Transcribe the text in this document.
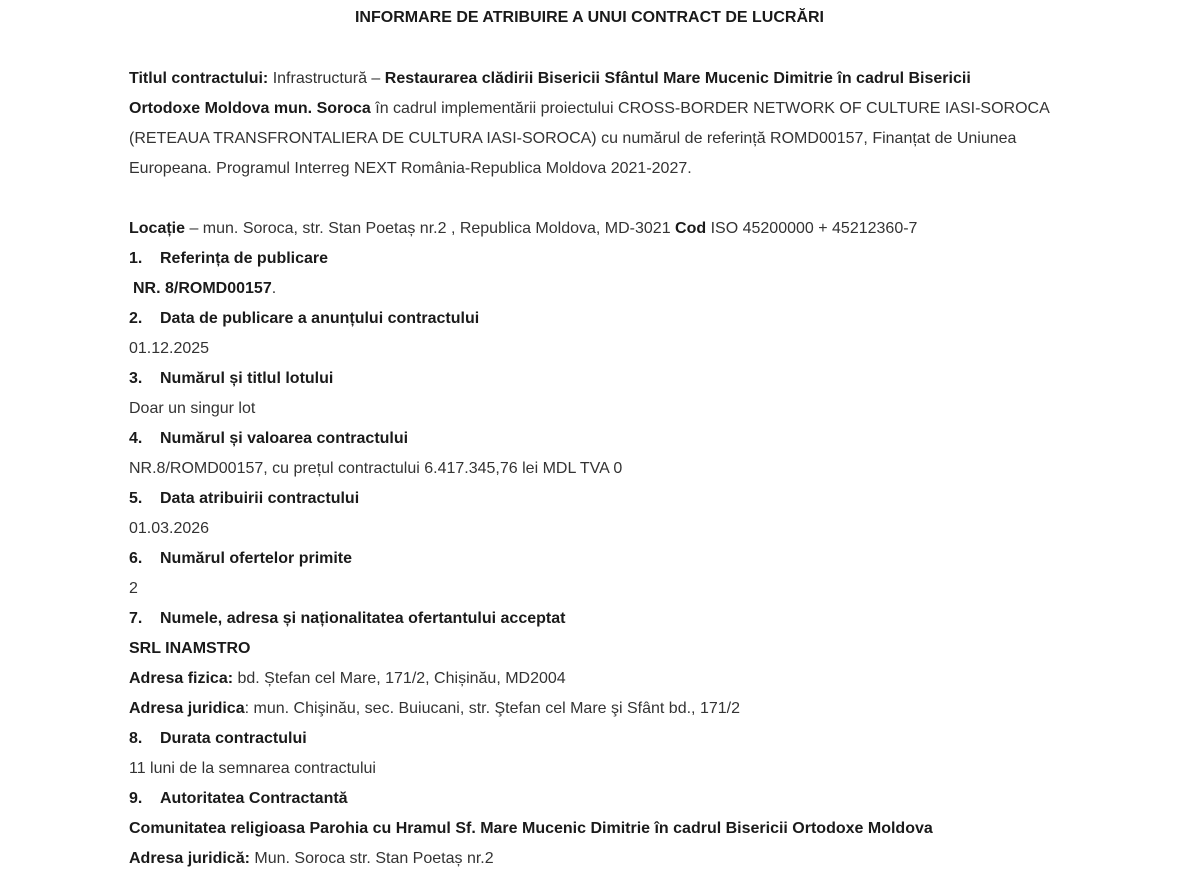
INFORMARE DE ATRIBUIRE A UNUI CONTRACT DE LUCRĂRI
Titlul contractului: Infrastructură – Restaurarea clădirii Bisericii Sfântul Mare Mucenic Dimitrie în cadrul Bisericii
Ortodoxe Moldova mun. Soroca în cadrul implementării proiectului CROSS-BORDER NETWORK OF CULTURE IASI-SOROCA
(RETEAUA TRANSFRONTALIERA DE CULTURA IASI-SOROCA) cu numărul de referință ROMD00157, Finanțat de Uniunea
Europeana. Programul Interreg NEXT România-Republica Moldova 2021-2027.
Locație – mun. Soroca, str. Stan Poetaș nr.2 , Republica Moldova, MD-3021 Cod ISO 45200000 + 45212360-7
1. Referința de publicare
NR. 8/ROMD00157.
2. Data de publicare a anunțului contractului
01.12.2025
3. Numărul și titlul lotului
Doar un singur lot
4. Numărul și valoarea contractului
NR.8/ROMD00157, cu prețul contractului 6.417.345,76 lei MDL TVA 0
5. Data atribuirii contractului
01.03.2026
6. Numărul ofertelor primite
2
7. Numele, adresa și naționalitatea ofertantului acceptat
SRL INAMSTRO
Adresa fizica: bd. Ștefan cel Mare, 171/2, Chișinău, MD2004
Adresa juridica: mun. Chişinău, sec. Buiucani, str. Ştefan cel Mare şi Sfânt bd., 171/2
8. Durata contractului
11 luni de la semnarea contractului
9. Autoritatea Contractantă
Comunitatea religioasa Parohia cu Hramul Sf. Mare Mucenic Dimitrie în cadrul Bisericii Ortodoxe Moldova
Adresa juridică: Mun. Soroca str. Stan Poetaș nr.2
